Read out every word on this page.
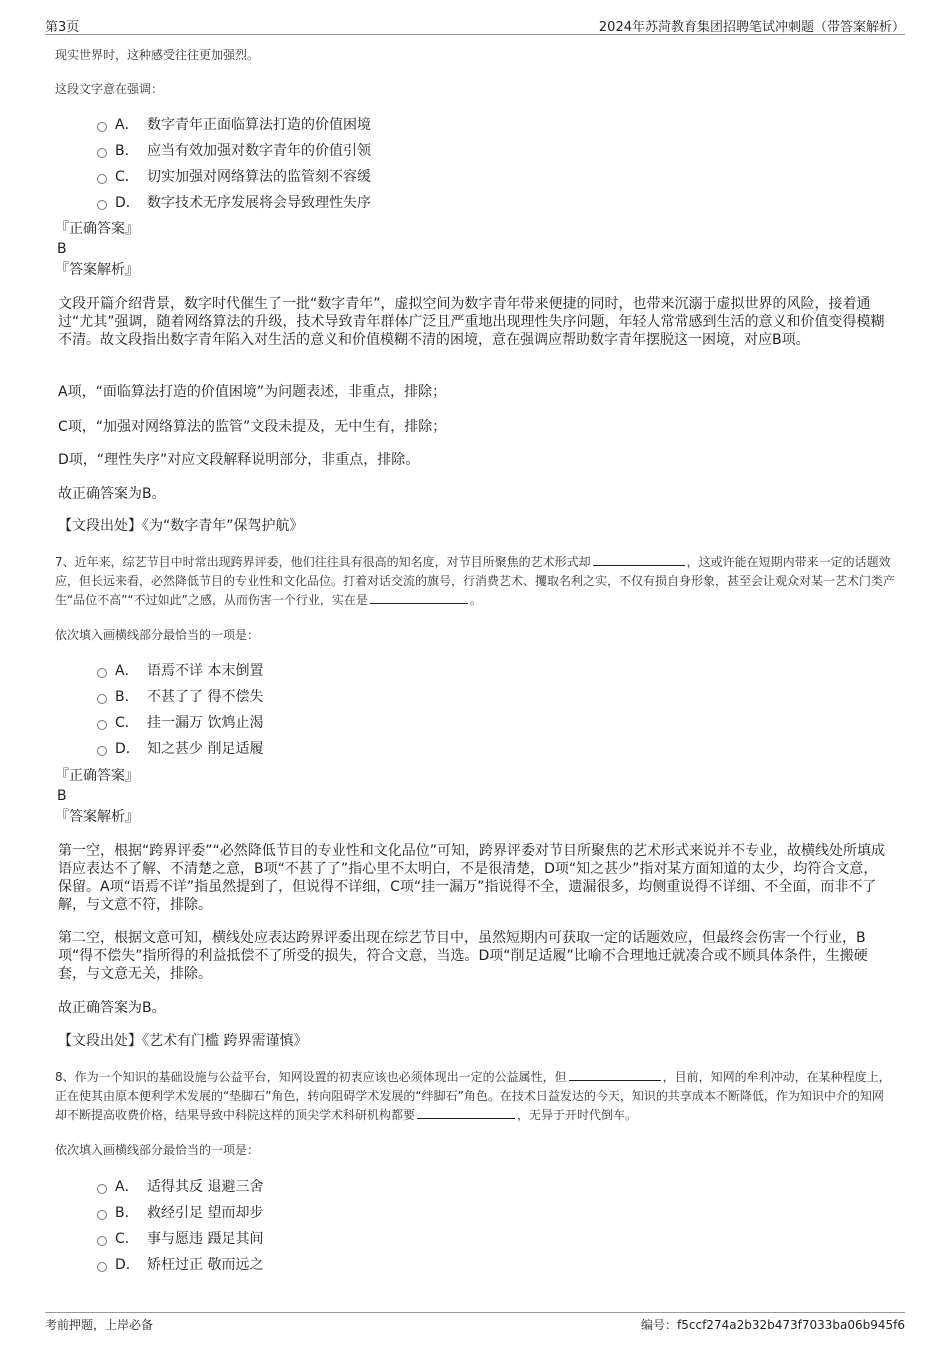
第3页	2024年苏菏教育集团招聘笔试冲刺题（带答案解析）
现实世界时，这种感受往往更加强烈。
这段文字意在强调：
A． 数字青年正面临算法打造的价值困境
B． 应当有效加强对数字青年的价值引领
C． 切实加强对网络算法的监管刻不容缓
D． 数字技术无序发展将会导致理性失序
『正确答案』
B
『答案解析』
文段开篇介绍背景，数字时代催生了一批“数字青年”，虚拟空间为数字青年带来便捷的同时，也带来沉溺于虚拟世界的风险，接着通过“尤其”强调，随着网络算法的升级，技术导致青年群体广泛且严重地出现理性失序问题，年轻人常常感到生活的意义和价值变得模糊不清。故文段指出数字青年陷入对生活的意义和价值模糊不清的困境，意在强调应帮助数字青年摆脱这一困境，对应B项。
A项，“面临算法打造的价值困境”为问题表述，非重点，排除；
C项，“加强对网络算法的监管”文段未提及，无中生有，排除；
D项，“理性失序”对应文段解释说明部分，非重点，排除。
故正确答案为B。
【文段出处】《为“数字青年”保驾护航》
7、近年来，综艺节目中时常出现跨界评委，他们往往具有很高的知名度，对节目所聚焦的艺术形式却	，这或许能在短期内带来一定的话题效应，但长远来看，必然降低节目的专业性和文化品位。打着对话交流的旗号，行消费艺术、攫取名利之实，不仅有损自身形象，甚至会让观众对某一艺术门类产生“品位不高”“不过如此”之感，从而伤害一个行业，实在是	。
依次填入画横线部分最恰当的一项是：
A． 语焉不详 本末倒置
B． 不甚了了 得不偿失
C． 挂一漏万 饮鸩止渴
D． 知之甚少 削足适履
『正确答案』
B
『答案解析』
第一空，根据“跨界评委”“必然降低节目的专业性和文化品位”可知，跨界评委对节目所聚焦的艺术形式来说并不专业，故横线处所填成语应表达不了解、不清楚之意，B项“不甚了了”指心里不太明白，不是很清楚，D项“知之甚少”指对某方面知道的太少，均符合文意，保留。A项“语焉不详”指虽然提到了，但说得不详细，C项“挂一漏万”指说得不全，遗漏很多，均侧重说得不详细、不全面，而非不了解，与文意不符，排除。
第二空，根据文意可知，横线处应表达跨界评委出现在综艺节目中，虽然短期内可获取一定的话题效应，但最终会伤害一个行业，B项“得不偿失”指所得的利益抵偿不了所受的损失，符合文意，当选。D项“削足适履”比喻不合理地迁就凑合或不顾具体条件，生搬硬套，与文意无关，排除。
故正确答案为B。
【文段出处】《艺术有门槛 跨界需谨慎》
8、作为一个知识的基础设施与公益平台，知网设置的初衷应该也必须体现出一定的公益属性，但	，目前，知网的牟利冲动，在某种程度上，正在使其由原本便利学术发展的“垫脚石”角色，转向阻碍学术发展的“绊脚石”角色。在技术日益发达的今天，知识的共享成本不断降低，作为知识中介的知网却不断提高收费价格，结果导致中科院这样的顶尖学术科研机构都要	，无异于开时代倒车。
依次填入画横线部分最恰当的一项是：
A． 适得其反 退避三舍
B． 救经引足 望而却步
C． 事与愿违 蹑足其间
D． 矫枉过正 敬而远之
考前押题，上岸必备	编号：f5ccf274a2b32b473f7033ba06b945f6
